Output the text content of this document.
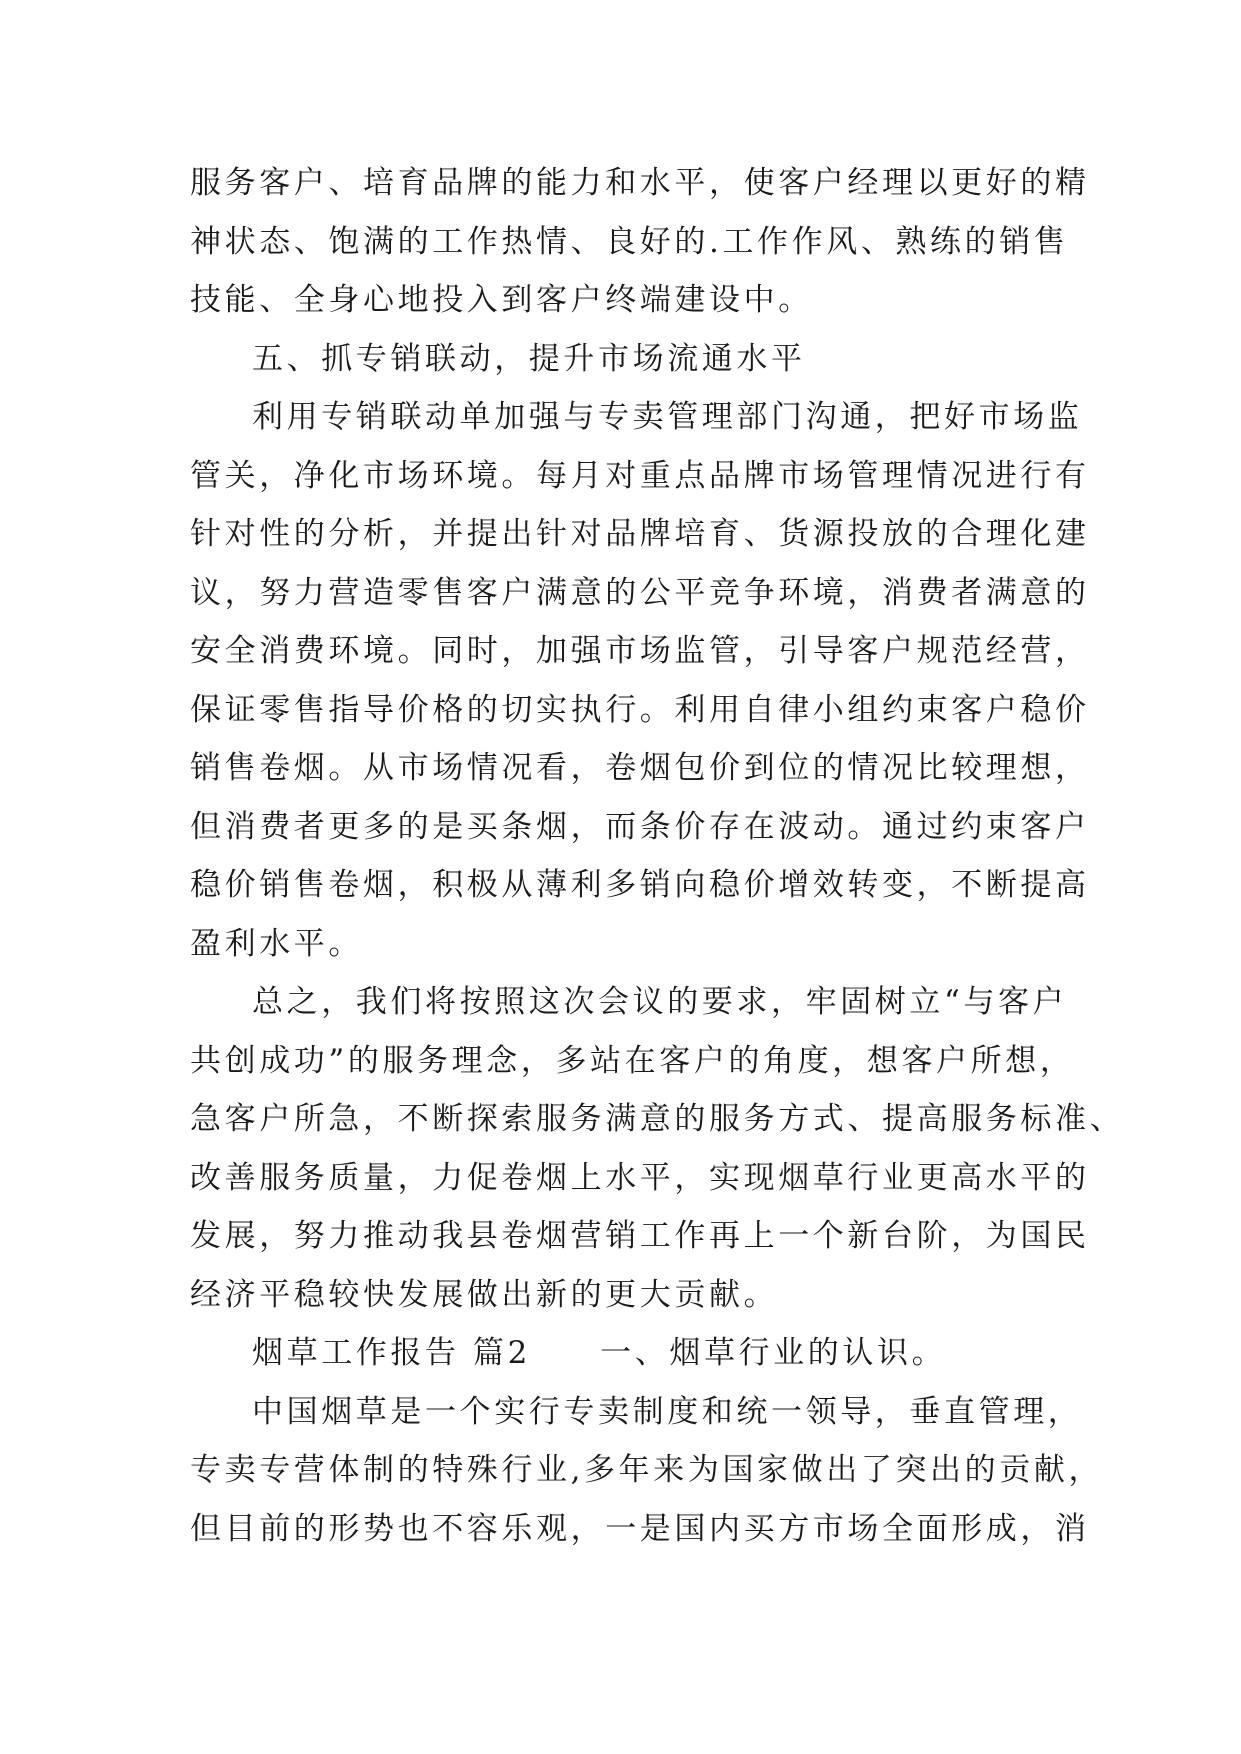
服务客户、培育品牌的能力和水平，使客户经理以更好的精
神状态、饱满的工作热情、良好的.工作作风、熟练的销售
技能、全身心地投入到客户终端建设中。
五、抓专销联动，提升市场流通水平
利用专销联动单加强与专卖管理部门沟通，把好市场监
管关，净化市场环境。每月对重点品牌市场管理情况进行有
针对性的分析，并提出针对品牌培育、货源投放的合理化建
议，努力营造零售客户满意的公平竞争环境，消费者满意的
安全消费环境。同时，加强市场监管，引导客户规范经营，
保证零售指导价格的切实执行。利用自律小组约束客户稳价
销售卷烟。从市场情况看，卷烟包价到位的情况比较理想，
但消费者更多的是买条烟，而条价存在波动。通过约束客户
稳价销售卷烟，积极从薄利多销向稳价增效转变，不断提高
盈利水平。
总之，我们将按照这次会议的要求，牢固树立“与客户
共创成功”的服务理念，多站在客户的角度，想客户所想，
急客户所急，不断探索服务满意的服务方式、提高服务标准、
改善服务质量，力促卷烟上水平，实现烟草行业更高水平的
发展，努力推动我县卷烟营销工作再上一个新台阶，为国民
经济平稳较快发展做出新的更大贡献。
烟草工作报告 篇2　　一、烟草行业的认识。
中国烟草是一个实行专卖制度和统一领导，垂直管理，
专卖专营体制的特殊行业,多年来为国家做出了突出的贡献，
但目前的形势也不容乐观，一是国内买方市场全面形成，消
